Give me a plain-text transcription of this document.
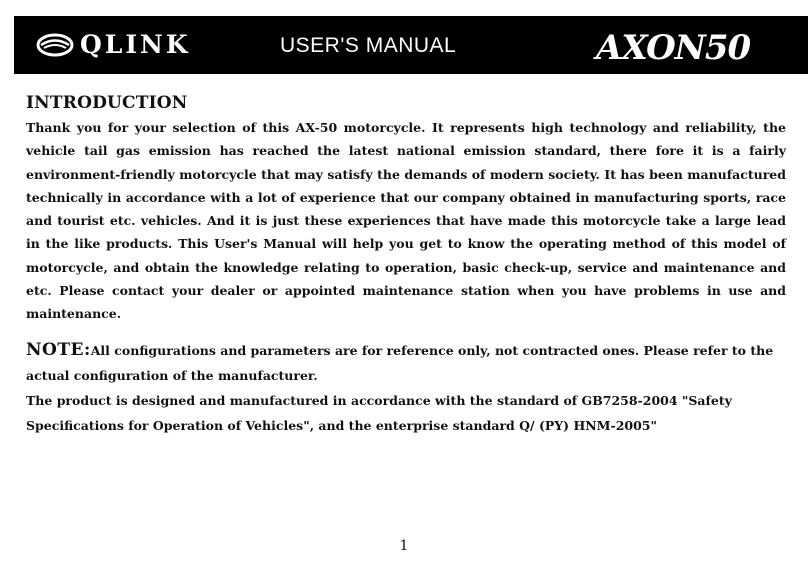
QLINK	USER'S MANUAL	AXON50
INTRODUCTION

Thank you for your selection of this AX-50 motorcycle. It represents high technology and reliability, the vehicle tail gas emission has reached the latest national emission standard, there fore it is a fairly environment-friendly motorcycle that may satisfy the demands of modern society. It has been manufactured technically in accordance with a lot of experience that our company obtained in manufacturing sports, race and tourist etc. vehicles. And it is just these experiences that have made this motorcycle take a large lead in the like products. This User's Manual will help you get to know the operating method of this model of motorcycle, and obtain the knowledge relating to operation, basic check-up, service and maintenance and etc. Please contact your dealer or appointed maintenance station when you have problems in use and maintenance.

NOTE:All configurations and parameters are for reference only, not contracted ones. Please refer to the actual configuration of the manufacturer.

The product is designed and manufactured in accordance with the standard of GB7258-2004 "Safety Specifications for Operation of Vehicles", and the enterprise standard Q/ (PY) HNM-2005"

1
